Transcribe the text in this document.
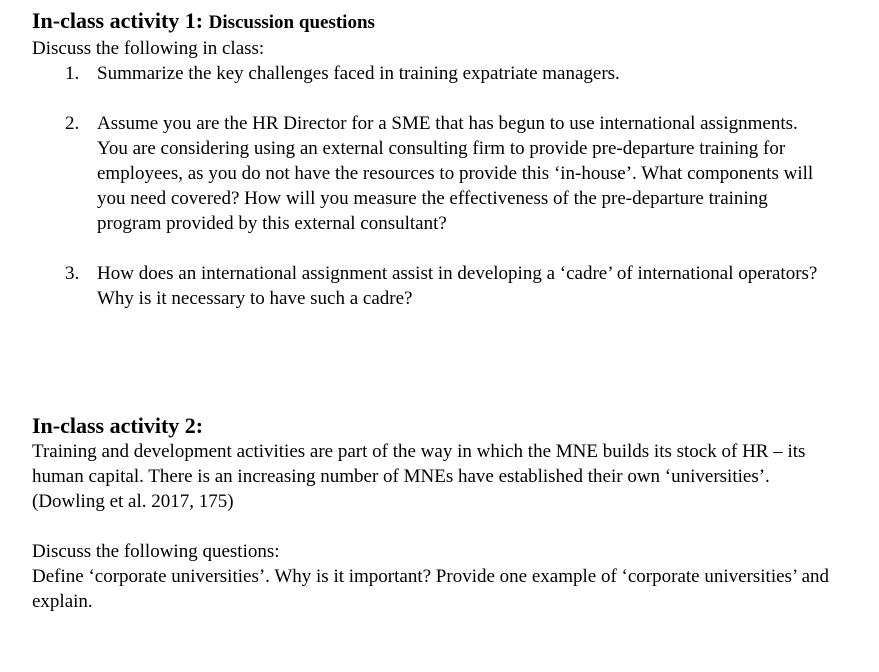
In-class activity 1: Discussion questions

Discuss the following in class:

1. Summarize the key challenges faced in training expatriate managers.
2. Assume you are the HR Director for a SME that has begun to use international assignments. You are considering using an external consulting firm to provide pre-departure training for employees, as you do not have the resources to provide this ‘in-house’. What components will you need covered? How will you measure the effectiveness of the pre-departure training program provided by this external consultant?
3. How does an international assignment assist in developing a ‘cadre’ of international operators? Why is it necessary to have such a cadre?
In-class activity 2:

Training and development activities are part of the way in which the MNE builds its stock of HR – its human capital. There is an increasing number of MNEs have established their own ‘universities’. (Dowling et al. 2017, 175)

Discuss the following questions:

Define ‘corporate universities’. Why is it important? Provide one example of ‘corporate universities’ and explain.
